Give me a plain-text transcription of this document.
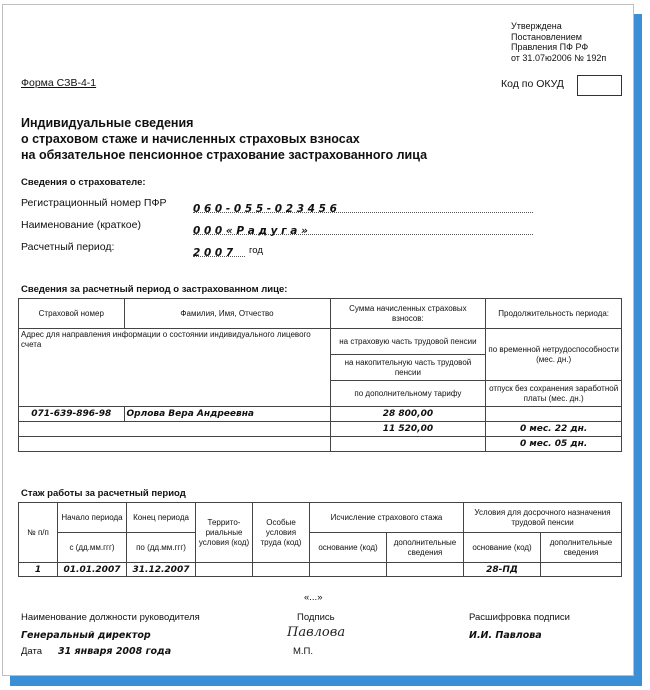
Утверждена
Постановлением
Правления ПФ РФ
от 31.07ю2006 № 192п
Форма СЗВ-4-1	Код по ОКУД
Индивидуальные сведения
о страховом стаже и начисленных страховых взносах
на обязательное пенсионное страхование застрахованного лица
Сведения о страхователе:
Регистрационный номер ПФР	0 6 0 - 0 5 5 - 0 2 3 4 5 6
Наименование (краткое)	0 0 0 « Р а д у г а »
Расчетный период:	2 0 0 7	год
Сведения за расчетный период о застрахованном лице:
Страховой номер	Фамилия, Имя, Отчество	Сумма начисленных страховых взносов:	Продолжительность периода:
Адрес для направления информации о состоянии индивидуального лицевого счета		на страховую часть трудовой пенсии	по временной нетрудоспособности (мес. дн.)
		на накопительную часть трудовой пенсии	
		по дополнительному тарифу	отпуск без сохранения заработной платы (мес. дн.)
071-639-896-98	Орлова Вера Андреевна	28 800,00	
		11 520,00	0 мес. 22 дн.
			0 мес. 05 дн.
Стаж работы за расчетный период
№ п/п	Начало периода	Конец периода	Террито-риальные условия (код)	Особые условия труда (код)	Исчисление страхового стажа		Условия для досрочного назначения трудовой пенсии	
	с (дд.мм.ггг)	по (дд.мм.ггг)			основание (код)	дополнительные сведения	основание (код)	дополнительные сведения
1	01.01.2007	31.12.2007					28-ПД	
«...»
Наименование должности руководителя	Подпись	Расшифровка подписи
Генеральный директор	Павлова	И.И. Павлова
Дата 31 января 2008 года	М.П.
